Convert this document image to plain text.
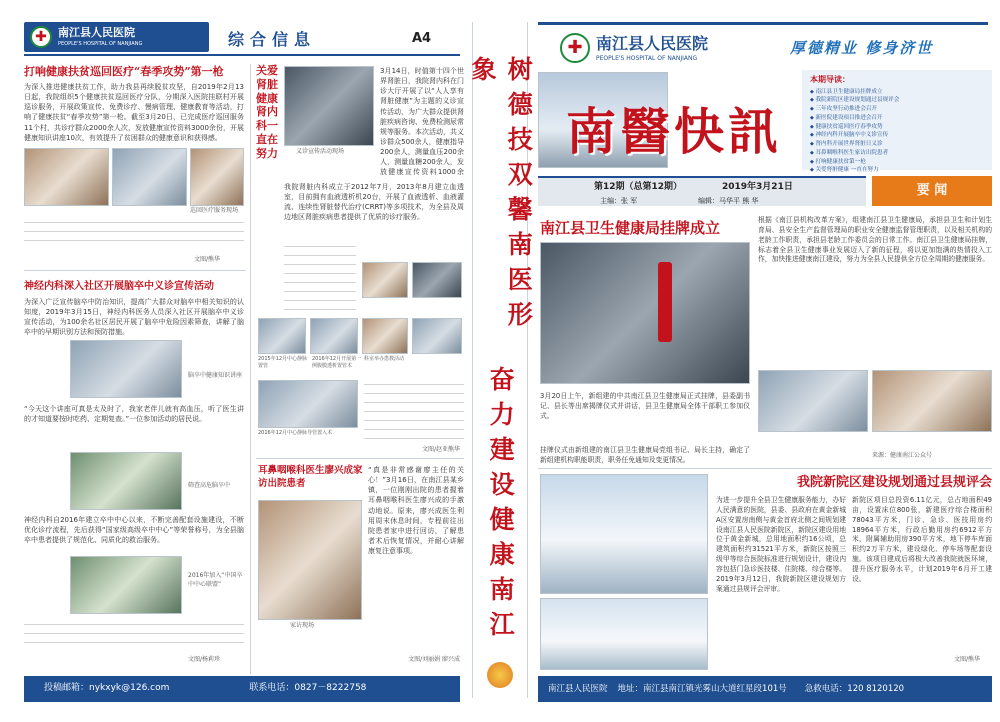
✚	南江县人民医院
PEOPLE'S HOSPITAL OF NANJIANG	综合信息	A4
打响健康扶贫巡回医疗“春季攻势”第一枪
为深入推进健康扶贫工作，助力我县再续脱贫攻坚，自2019年2月13日起，我院组织5个健康扶贫巡回医疗分队，分期深入医院挂联村开展巡诊服务，开展政策宣传、免费诊疗、慢病管理、健康教育等活动，打响了健康扶贫“春季攻势”第一枪。截至3月20日，已完成医疗巡回服务11个村，共诊疗群众2000余人次，发放健康宣传资料3000余份，开展健康知识讲座10次，有效提升了贫困群众的健康意识和获得感。
巡回医疗服务现场
文图/熊华
神经内科深入社区开展脑卒中义诊宣传活动
为深入广泛宣传脑卒中防治知识，提高广大群众对脑卒中相关知识的认知度，2019年3月15日，神经内科医务人员深入社区开展脑卒中义诊宣传活动，为100余名社区居民开展了脑卒中危险因素筛查，讲解了脑卒中的早期识别方法和预防措施。
脑卒中健康知识讲座
“今天这个讲座可真是太及时了，我家老伴儿就有高血压，听了医生讲的才知道要按时吃药、定期复查。”一位参加活动的居民说。
筛查高危脑卒中
神经内科自2016年建立卒中中心以来，不断完善配套设施建设，不断优化诊疗流程，先后获得“国家级高级卒中中心”等荣誉称号，为全县脑卒中患者提供了规范化、同质化的救治服务。
2016年加入“中国卒中中心联盟”
文图/杨莉珍
关爱肾脏健康 肾内科一直在努力	义诊宣传活动现场
3月14日，时值第十四个世界肾脏日，我院肾内科在门诊大厅开展了以“人人享有肾脏健康”为主题的义诊宣传活动，为广大群众提供肾脏疾病咨询、免费检测尿常规等服务。本次活动，共义诊群众500余人，健康指导200余人，测量血压200余人，测量血糖200余人，发放健康宣传资料1000余
我院肾脏内科成立于2012年7月，2013年8月建立血透室，目前拥有血液透析机20台，开展了血液透析、血液灌流、连续性肾脏替代治疗(CRRT)等多项技术，为全县及周边地区肾脏疾病患者提供了优质的诊疗服务。
2015年12月中心静脉置管
2016年12月开展第一例腹膜透析置管术
科室举办患教活动
2016年12月中心静脉导管置入术
文图/赵亚熊华
耳鼻咽喉科医生廖兴成家访出院患者
家访现场
“真是非常感谢廖主任的关心！”3月16日，在南江县某乡镇，一位刚刚出院的患者握着耳鼻咽喉科医生廖兴成的手激动地说。原来，廖兴成医生利用周末休息时间，专程前往出院患者家中进行回访，了解患者术后恢复情况，并耐心讲解康复注意事项。
文图/刘丽娟 廖兴成
投稿邮箱： nykxyk@126.com	联系电话： 0827－8222758
树德技双馨南医形象
奋力建设健康南江
✚ 南江县人民医院
PEOPLE'S HOSPITAL OF NANJIANG
厚德精业 修身济世
南醫快訊
本期导读：
◆ 南江县卫生健康局挂牌成立
◆ 我院新院区建设规划通过县规评会
◆ 三年攻坚行动推进会召开
◆ 新医院建设项目推进会召开
◆ 健康扶贫巡回医疗春季攻势
◆ 神经内科开展脑卒中义诊宣传
◆ 肾内科开展世界肾脏日义诊
◆ 耳鼻咽喉科医生家访出院患者
◆ 打响健康扶贫第一枪
◆ 关爱肾脏健康 一直在努力
第12期（总第12期）	2019年3月21日
主编：张 军	编辑：马华平 熊 华
要 闻
南江县卫生健康局挂牌成立
3月20日上午，新组建的中共南江县卫生健康局正式挂牌，县委副书记、县长等出席揭牌仪式并讲话，县卫生健康局全体干部职工参加仪式。
挂牌仪式由新组建的南江县卫生健康局党组书记、局长主持，确定了新组建机构职能职责，职务任免通知及变更情况。
根据《南江县机构改革方案》，组建南江县卫生健康局，承担县卫生和计划生育局、县安全生产监督管理局的职业安全健康监督管理职责，以及相关机构的老龄工作职责，承担县老龄工作委员会的日常工作。南江县卫生健康局挂牌，标志着全县卫生健康事业发展迈入了新的征程，将以更加饱满的热情投入工作，加快推进健康南江建设，努力为全县人民提供全方位全周期的健康服务。
来源：健康南江公众号
我院新院区建设规划通过县规评会
为进一步提升全县卫生健康服务能力，办好人民满意的医院，县委、县政府在黄金新城A区安置房南侧与黄金首府北侧之间规划建设南江县人民医院新院区，新院区建设用地位于黄金新城，总用地面积约16公顷，总建筑面积约31521平方米，新院区按照三级甲等综合医院标准进行规划设计，建设内容包括门急诊医技楼、住院楼、综合楼等。2019年3月12日，我院新院区建设规划方案通过县规评会评审。
新院区项目总投资6.11亿元，总占地面积49亩，设置床位800张，新建医疗综合楼面积78043平方米，门诊、急诊、医技用房约18964平方米，行政后勤用房约6912平方米，附属辅助用房390平方米，地下停车库面积约2万平方米，建设绿化、停车场等配套设施。该项目建成后将极大改善我院就医环境，提升医疗服务水平，计划2019年6月开工建设。
文图/熊华
南江县人民医院 地址： 南江县南江镇光雾山大道红星段101号 急救电话： 120 8120120
